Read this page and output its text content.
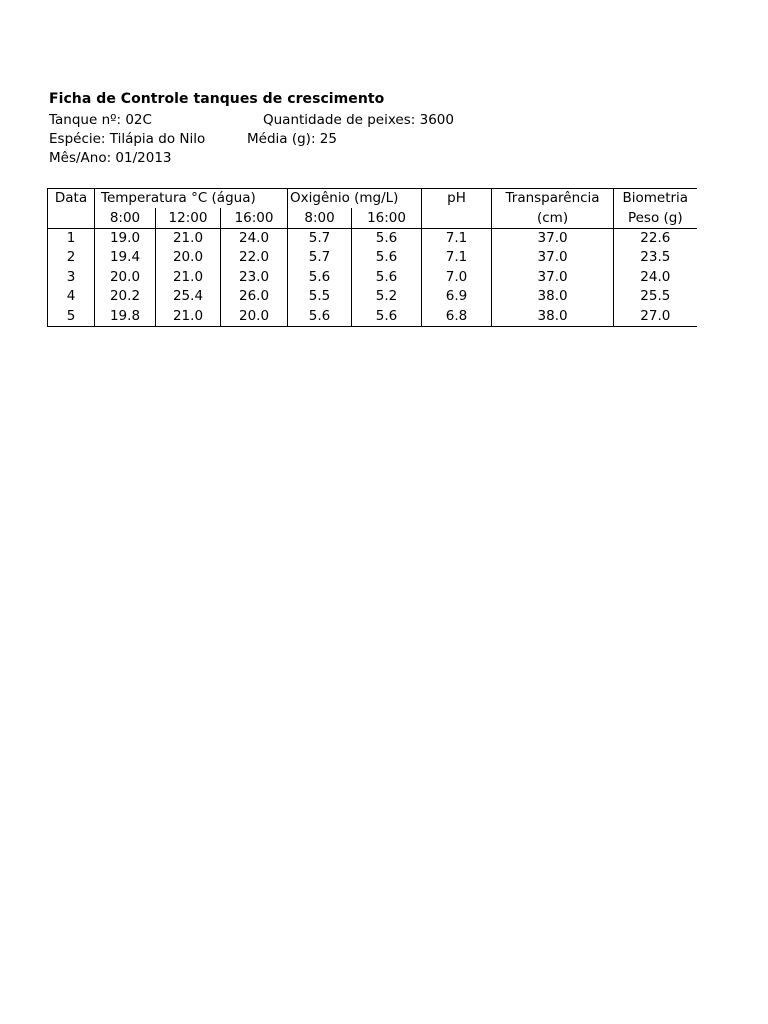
Ficha de Controle tanques de crescimento
Tanque nº: 02C	Quantidade de peixes: 3600
Espécie: Tilápia do Nilo	Média (g): 25
Mês/Ano: 01/2013
Data	Temperatura °C (água)			Oxigênio (mg/L)		pH	Transparência	Biometria
	8:00	12:00	16:00	8:00	16:00		(cm)	Peso (g)
1	19.0	21.0	24.0	5.7	5.6	7.1	37.0	22.6
2	19.4	20.0	22.0	5.7	5.6	7.1	37.0	23.5
3	20.0	21.0	23.0	5.6	5.6	7.0	37.0	24.0
4	20.2	25.4	26.0	5.5	5.2	6.9	38.0	25.5
5	19.8	21.0	20.0	5.6	5.6	6.8	38.0	27.0
